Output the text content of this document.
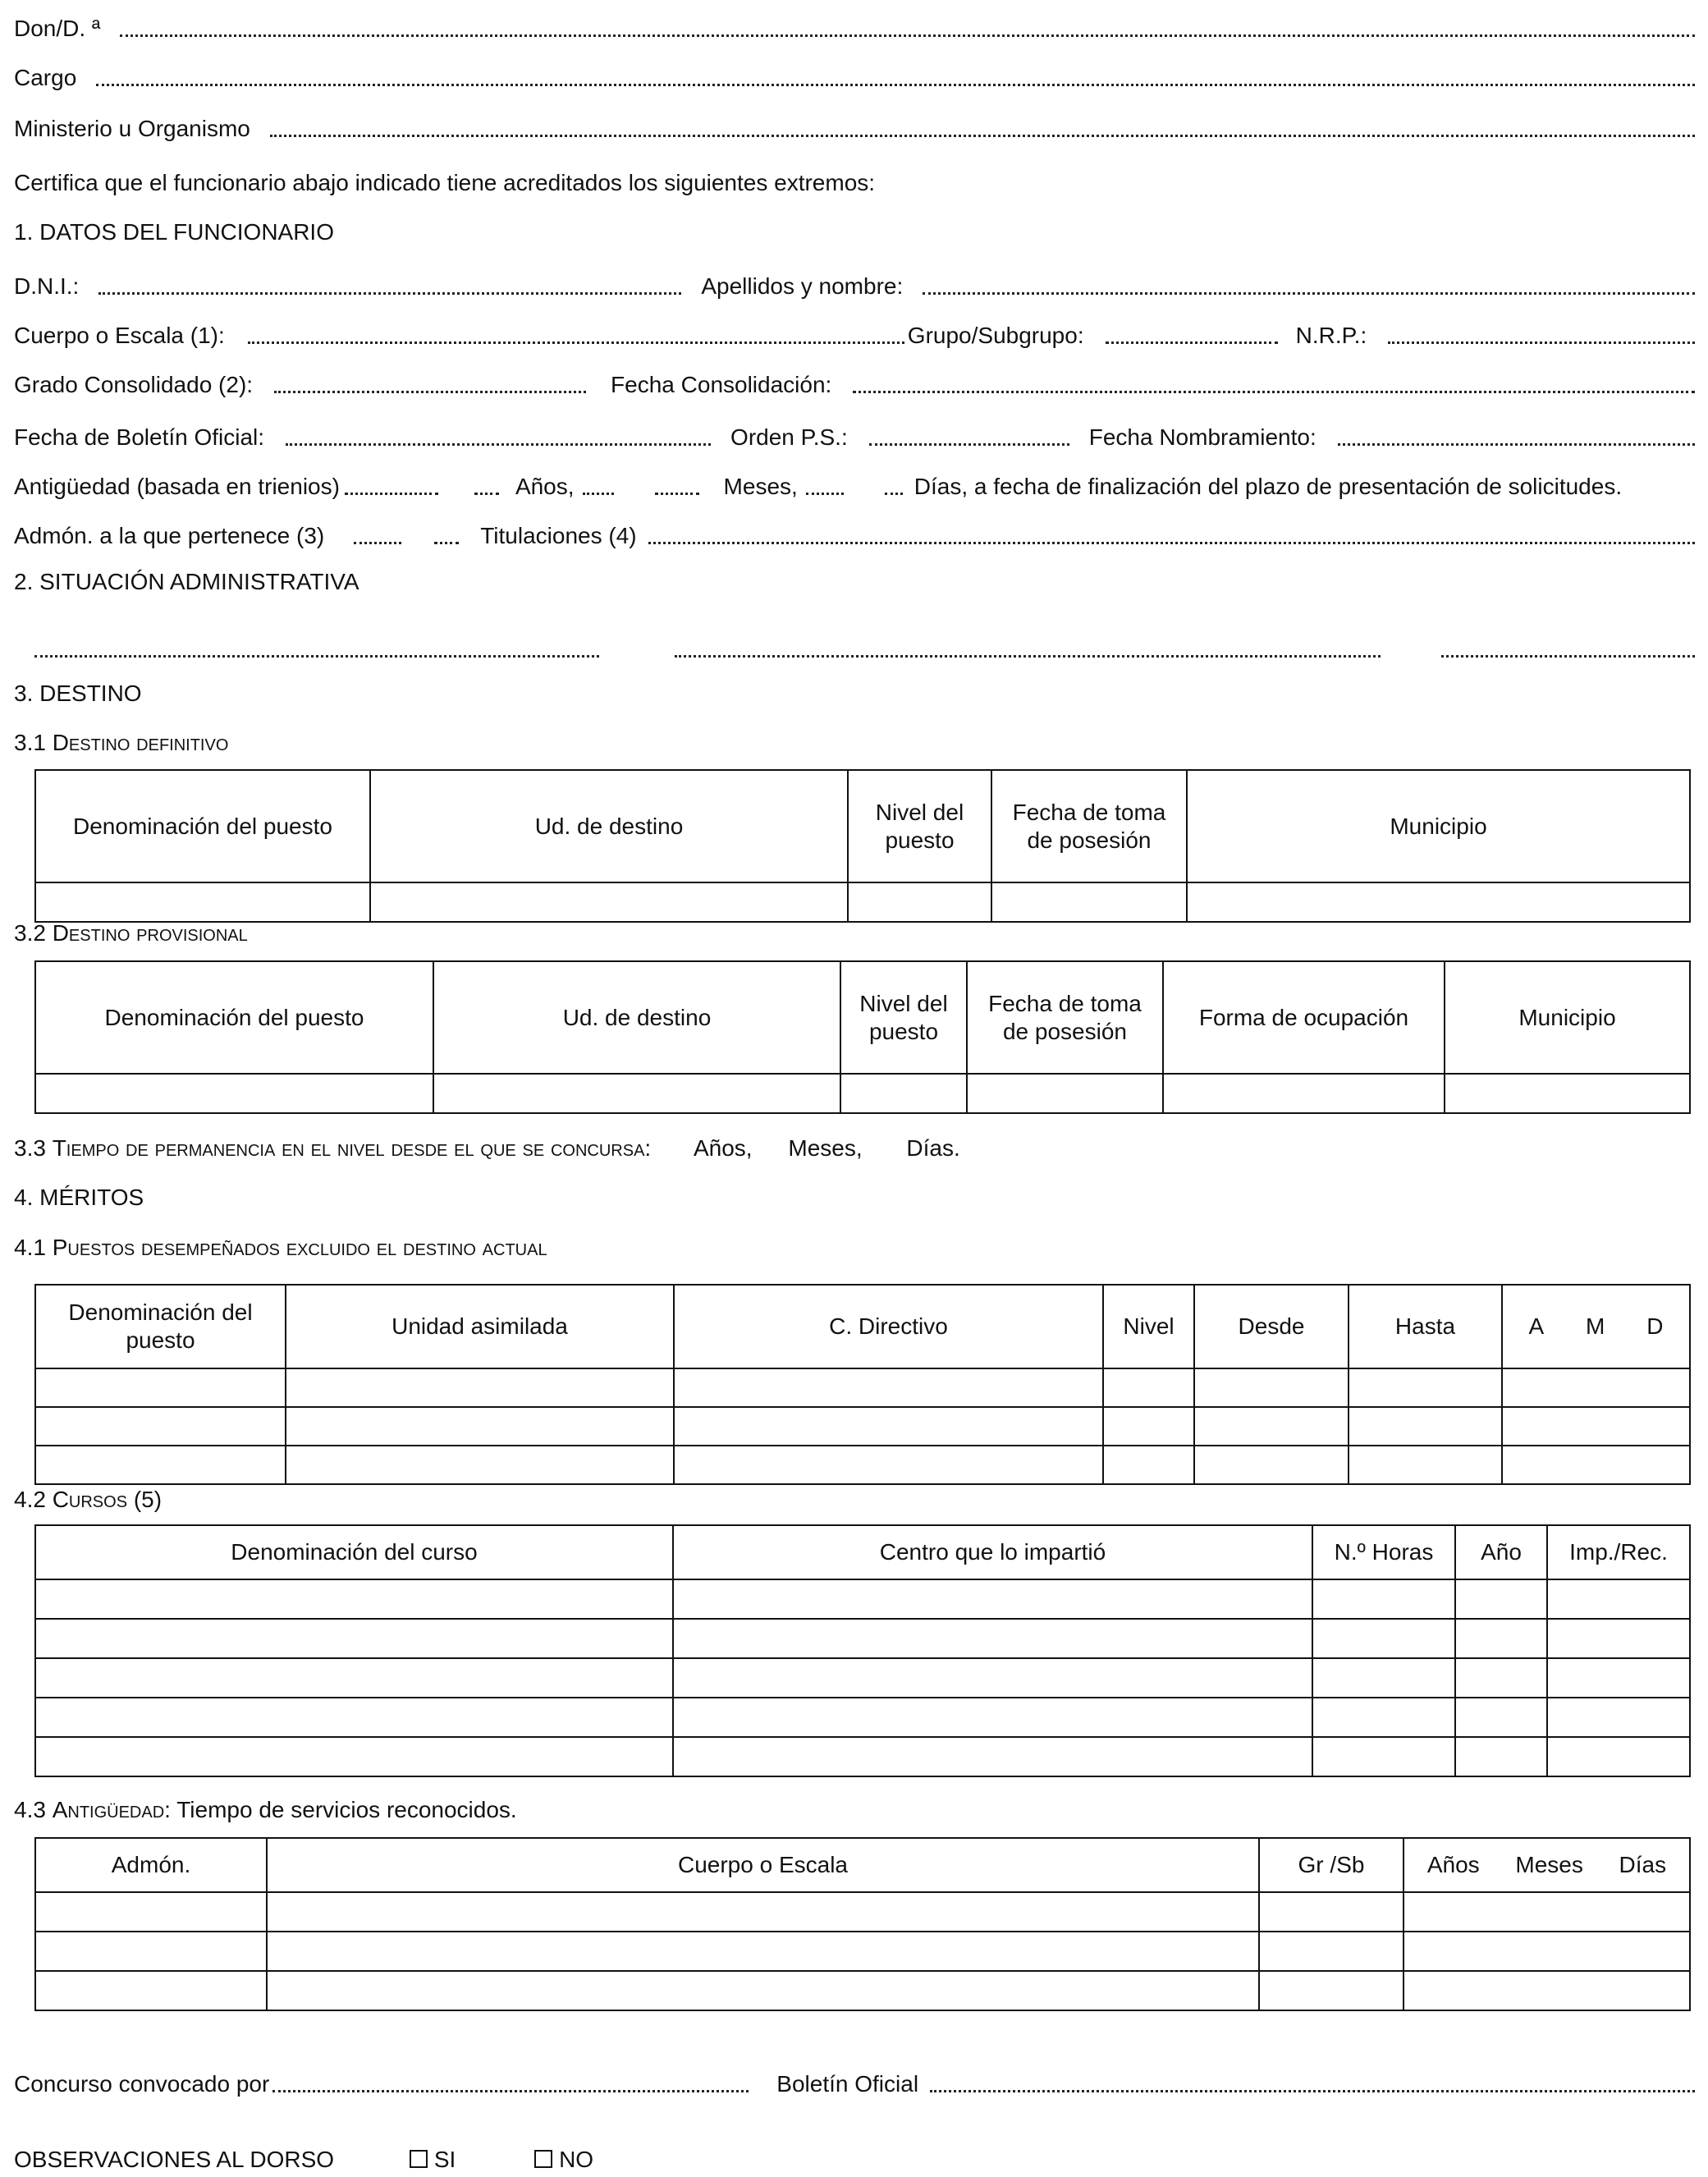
Don/D. ª
Cargo
Ministerio u Organismo
Certifica que el funcionario abajo indicado tiene acreditados los siguientes extremos:
1. DATOS DEL FUNCIONARIO
D.N.I.:	Apellidos y nombre:
Cuerpo o Escala (1):	Grupo/Subgrupo:	N.R.P.:
Grado Consolidado (2):	Fecha Consolidación:
Fecha de Boletín Oficial:	Orden P.S.:	Fecha Nombramiento:
Antigüedad (basada en trienios)	Años,	Meses,	Días, a fecha de finalización del plazo de presentación de solicitudes.
Admón. a la que pertenece (3)	Titulaciones (4)
2. SITUACIÓN ADMINISTRATIVA
3. DESTINO
3.1 Destino definitivo
Denominación del puesto	Ud. de destino	Nivel del puesto	Fecha de toma de posesión	Municipio

3.2 Destino provisional
Denominación del puesto	Ud. de destino	Nivel del puesto	Fecha de toma de posesión	Forma de ocupación	Municipio

3.3 Tiempo de permanencia en el nivel desde el que se concursa: Años, Meses, Días.
4. MÉRITOS
4.1 Puestos desempeñados excluido el destino actual
Denominación del puesto	Unidad asimilada	C. Directivo	Nivel	Desde	Hasta	A M D

4.2 Cursos (5)
Denominación del curso	Centro que lo impartió	N.º Horas	Año	Imp./Rec.

4.3 Antigüedad: Tiempo de servicios reconocidos.
Admón.	Cuerpo o Escala	Gr /Sb	Años Meses Días

Concurso convocado por	Boletín Oficial
OBSERVACIONES AL DORSO	SI	NO
